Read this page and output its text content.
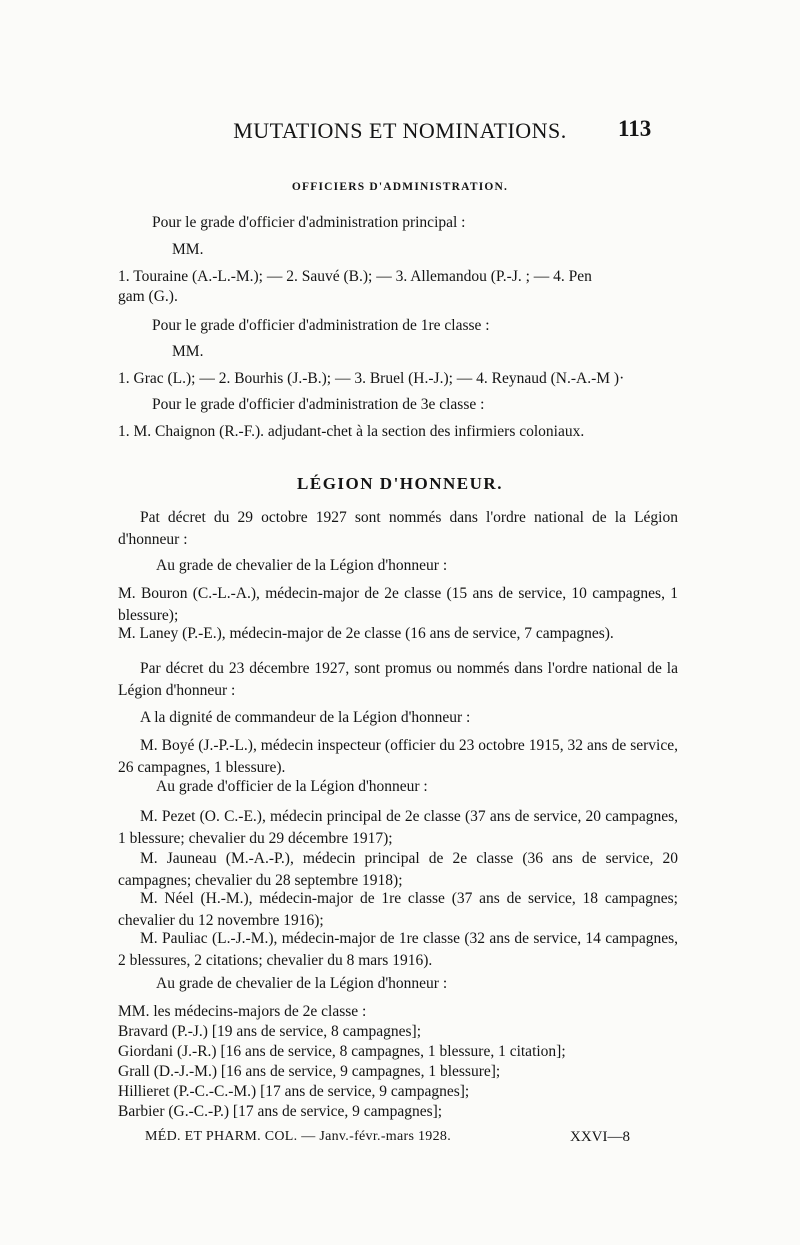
MUTATIONS ET NOMINATIONS.	113
OFFICIERS D'ADMINISTRATION.
Pour le grade d'officier d'administration principal :
MM.
1. Touraine (A.-L.-M.); — 2. Sauvé (B.); — 3. Allemandou (P.-J. ; — 4. Pen
gam (G.).
Pour le grade d'officier d'administration de 1re classe :
MM.
1. Grac (L.); — 2. Bourhis (J.-B.); — 3. Bruel (H.-J.); — 4. Reynaud (N.-A.-M )·
Pour le grade d'officier d'administration de 3e classe :
1. M. Chaignon (R.-F.). adjudant-chet à la section des infirmiers coloniaux.
LÉGION D'HONNEUR.
Pat décret du 29 octobre 1927 sont nommés dans l'ordre national de la Légion d'honneur :
Au grade de chevalier de la Légion d'honneur :
M. Bouron (C.-L.-A.), médecin-major de 2e classe (15 ans de service, 10 campagnes, 1 blessure);
M. Laney (P.-E.), médecin-major de 2e classe (16 ans de service, 7 campagnes).
Par décret du 23 décembre 1927, sont promus ou nommés dans l'ordre national de la Légion d'honneur :
A la dignité de commandeur de la Légion d'honneur :
M. Boyé (J.-P.-L.), médecin inspecteur (officier du 23 octobre 1915, 32 ans de service, 26 campagnes, 1 blessure).
Au grade d'officier de la Légion d'honneur :
M. Pezet (O. C.-E.), médecin principal de 2e classe (37 ans de service, 20 campagnes, 1 blessure; chevalier du 29 décembre 1917);
M. Jauneau (M.-A.-P.), médecin principal de 2e classe (36 ans de service, 20 campagnes; chevalier du 28 septembre 1918);
M. Néel (H.-M.), médecin-major de 1re classe (37 ans de service, 18 campagnes; chevalier du 12 novembre 1916);
M. Pauliac (L.-J.-M.), médecin-major de 1re classe (32 ans de service, 14 campagnes, 2 blessures, 2 citations; chevalier du 8 mars 1916).
Au grade de chevalier de la Légion d'honneur :
MM. les médecins-majors de 2e classe :
Bravard (P.-J.) [19 ans de service, 8 campagnes];
Giordani (J.-R.) [16 ans de service, 8 campagnes, 1 blessure, 1 citation];
Grall (D.-J.-M.) [16 ans de service, 9 campagnes, 1 blessure];
Hillieret (P.-C.-C.-M.) [17 ans de service, 9 campagnes];
Barbier (G.-C.-P.) [17 ans de service, 9 campagnes];
MÉD. ET PHARM. COL. — Janv.-févr.-mars 1928.	XXVI—8
